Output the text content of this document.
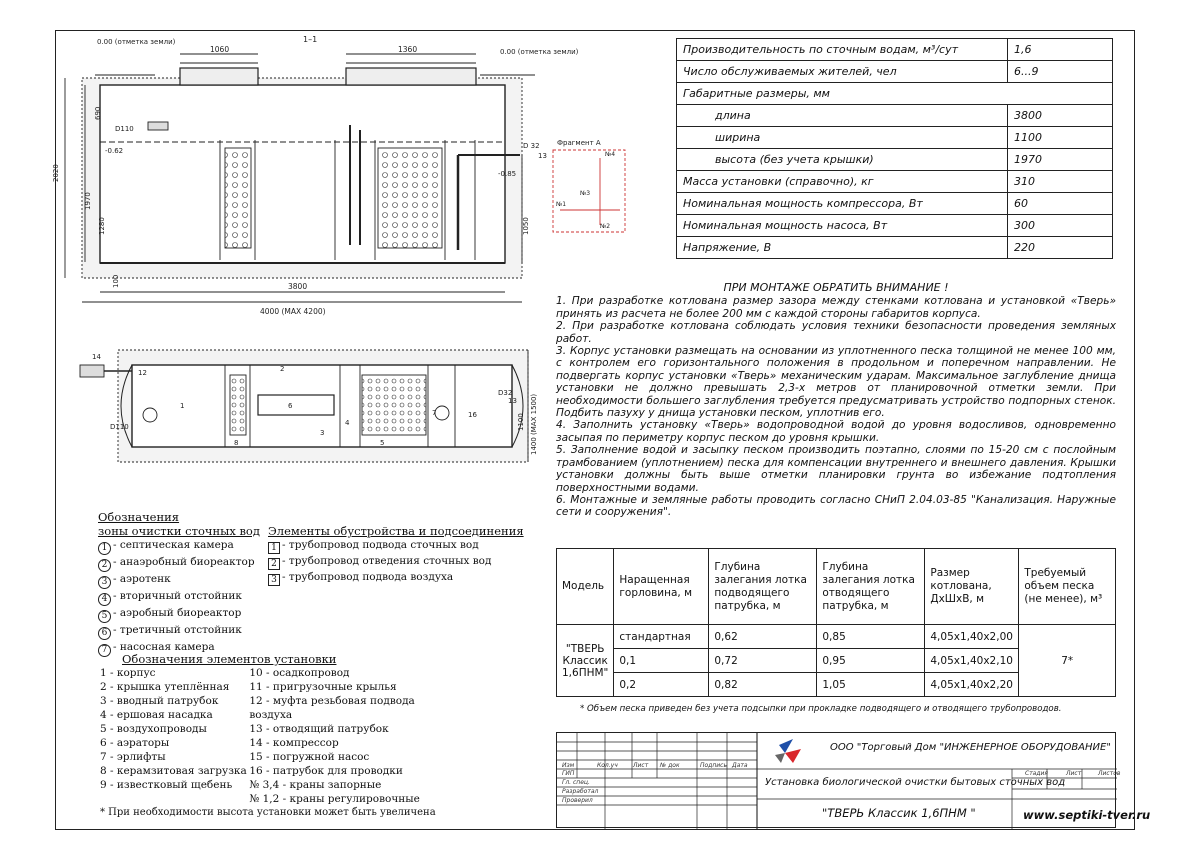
1–1
0.00 (отметка земли)
0.00 (отметка земли)
1060	1360
3800
4000 (MAX 4200)
2020
690
1970
1280
100
1050
-0.62
-0.85
D110
D 32
13
Фрагмент А
№4
№3
№1
№2
14
12	2
8
6
4
5
7	16
13
1
3
D110
D32
1100 1400 (MAX 1500)
Производительность по сточным водам, м³/сут	1,6
Число обслуживаемых жителей, чел	6...9
Габаритные размеры, мм	
длина	3800
ширина	1100
высота (без учета крышки)	1970
Масса установки (справочно), кг	310
Номинальная мощность компрессора, Вт	60
Номинальная мощность насоса, Вт	300
Напряжение, В	220
ПРИ МОНТАЖЕ ОБРАТИТЬ ВНИМАНИЕ !

1. При разработке котлована размер зазора между стенками котлована и установкой «Тверь» принять из расчета не более 200 мм с каждой стороны габаритов корпуса.

2. При разработке котлована соблюдать условия техники безопасности проведения земляных работ.

3. Корпус установки размещать на основании из уплотненного песка толщиной не менее 100 мм, с контролем его горизонтального положения в продольном и поперечном направлении. Не подвергать корпус установки «Тверь» механическим ударам. Максимальное заглубление днища установки не должно превышать 2,3-х метров от планировочной отметки земли. При необходимости большего заглубления требуется предусматривать устройство подпорных стенок. Подбить пазуху у днища установки песком, уплотнив его.

4. Заполнить установку «Тверь» водопроводной водой до уровня водосливов, одновременно засыпая по периметру корпус песком до уровня крышки.

5. Заполнение водой и засыпку песком производить поэтапно, слоями по 15-20 см с послойным трамбованием (уплотнением) песка для компенсации внутреннего и внешнего давления. Крышки установки должны быть выше отметки планировки грунта во избежание подтопления поверхностными водами.

6. Монтажные и земляные работы проводить согласно СНиП 2.04.03-85 "Канализация. Наружные сети и сооружения".

Модель	Наращенная горловина, м	Глубина залегания лотка подводящего патрубка, м	Глубина залегания лотка отводящего патрубка, м	Размер котлована, ДхШхВ, м	Требуемый объем песка (не менее), м³
"ТВЕРЬ Классик 1,6ПНМ"	стандартная	0,62	0,85	4,05x1,40x2,00	7*
	0,1	0,72	0,95	4,05x1,40x2,10	
	0,2	0,82	1,05	4,05x1,40x2,20	
* Объем песка приведен без учета подсыпки при прокладке подводящего и отводящего трубопроводов.
Обозначения
зоны очистки сточных вод
1 - септическая камера
2 - анаэробный биореактор
3 - аэротенк
4 - вторичный отстойник
5 - аэробный биореактор
6 - третичный отстойник
7 - насосная камера
Элементы обустройства и подсоединения
1 - трубопровод подвода сточных вод
2 - трубопровод отведения сточных вод
3 - трубопровод подвода воздуха
Обозначения элементов установки
1 - корпус
2 - крышка утеплённая
3 - вводный патрубок
4 - ершовая насадка
5 - воздухопроводы
6 - аэраторы
7 - эрлифты
8 - керамзитовая загрузка
9 - известковый щебень
10 - осадкопровод
11 - пригрузочные крылья
12 - муфта резьбовая подвода воздуха
13 - отводящий патрубок
14 - компрессор
15 - погружной насос
16 - патрубок для проводки
№ 3,4 - краны запорные
№ 1,2 - краны регулировочные
* При необходимости высота установки может быть увеличена
ООО "Торговый Дом "ИНЖЕНЕРНОЕ ОБОРУДОВАНИЕ"
Установка биологической очистки бытовых сточных вод
"ТВЕРЬ Классик 1,6ПНМ "	www.septiki-tver.ru
Изм	Кол.уч	Лист № док	Подпись Дата
ГИП
Гл. спец.
Разработал
Проверил
Стадия	Лист	Листов
